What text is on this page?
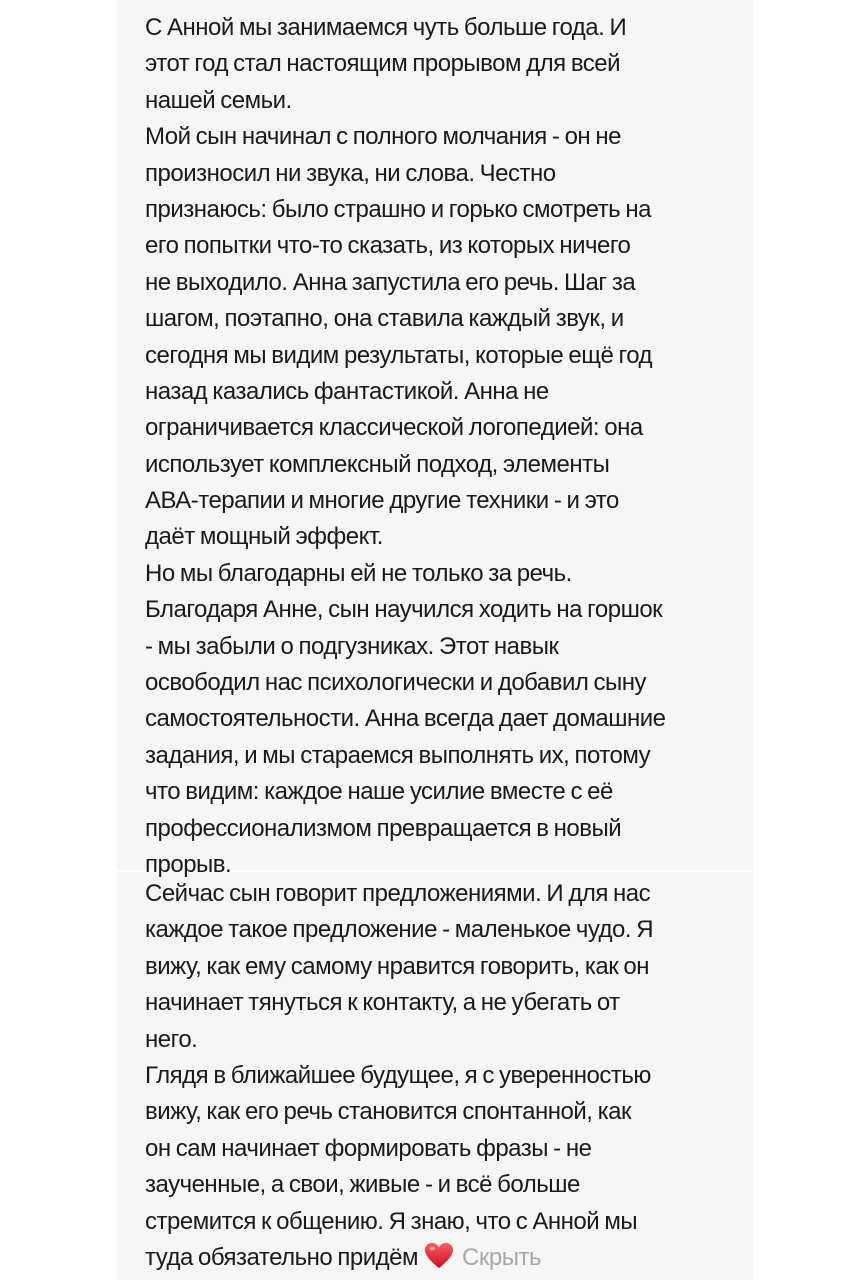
С Анной мы занимаемся чуть больше года. И
этот год стал настоящим прорывом для всей
нашей семьи.
Мой сын начинал с полного молчания - он не
произносил ни звука, ни слова. Честно
признаюсь: было страшно и горько смотреть на
его попытки что-то сказать, из которых ничего
не выходило. Анна запустила его речь. Шаг за
шагом, поэтапно, она ставила каждый звук, и
сегодня мы видим результаты, которые ещё год
назад казались фантастикой. Анна не
ограничивается классической логопедией: она
использует комплексный подход, элементы
АВА-терапии и многие другие техники - и это
даёт мощный эффект.
Но мы благодарны ей не только за речь.
Благодаря Анне, сын научился ходить на горшок
- мы забыли о подгузниках. Этот навык
освободил нас психологически и добавил сыну
самостоятельности. Анна всегда дает домашние
задания, и мы стараемся выполнять их, потому
что видим: каждое наше усилие вместе с её
профессионализмом превращается в новый
прорыв.
Сейчас сын говорит предложениями. И для нас
каждое такое предложение - маленькое чудо. Я
вижу, как ему самому нравится говорить, как он
начинает тянуться к контакту, а не убегать от
него.
Глядя в ближайшее будущее, я с уверенностью
вижу, как его речь становится спонтанной, как
он сам начинает формировать фразы - не
заученные, а свои, живые - и всё больше
стремится к общению. Я знаю, что с Анной мы
туда обязательно придём Скрыть
